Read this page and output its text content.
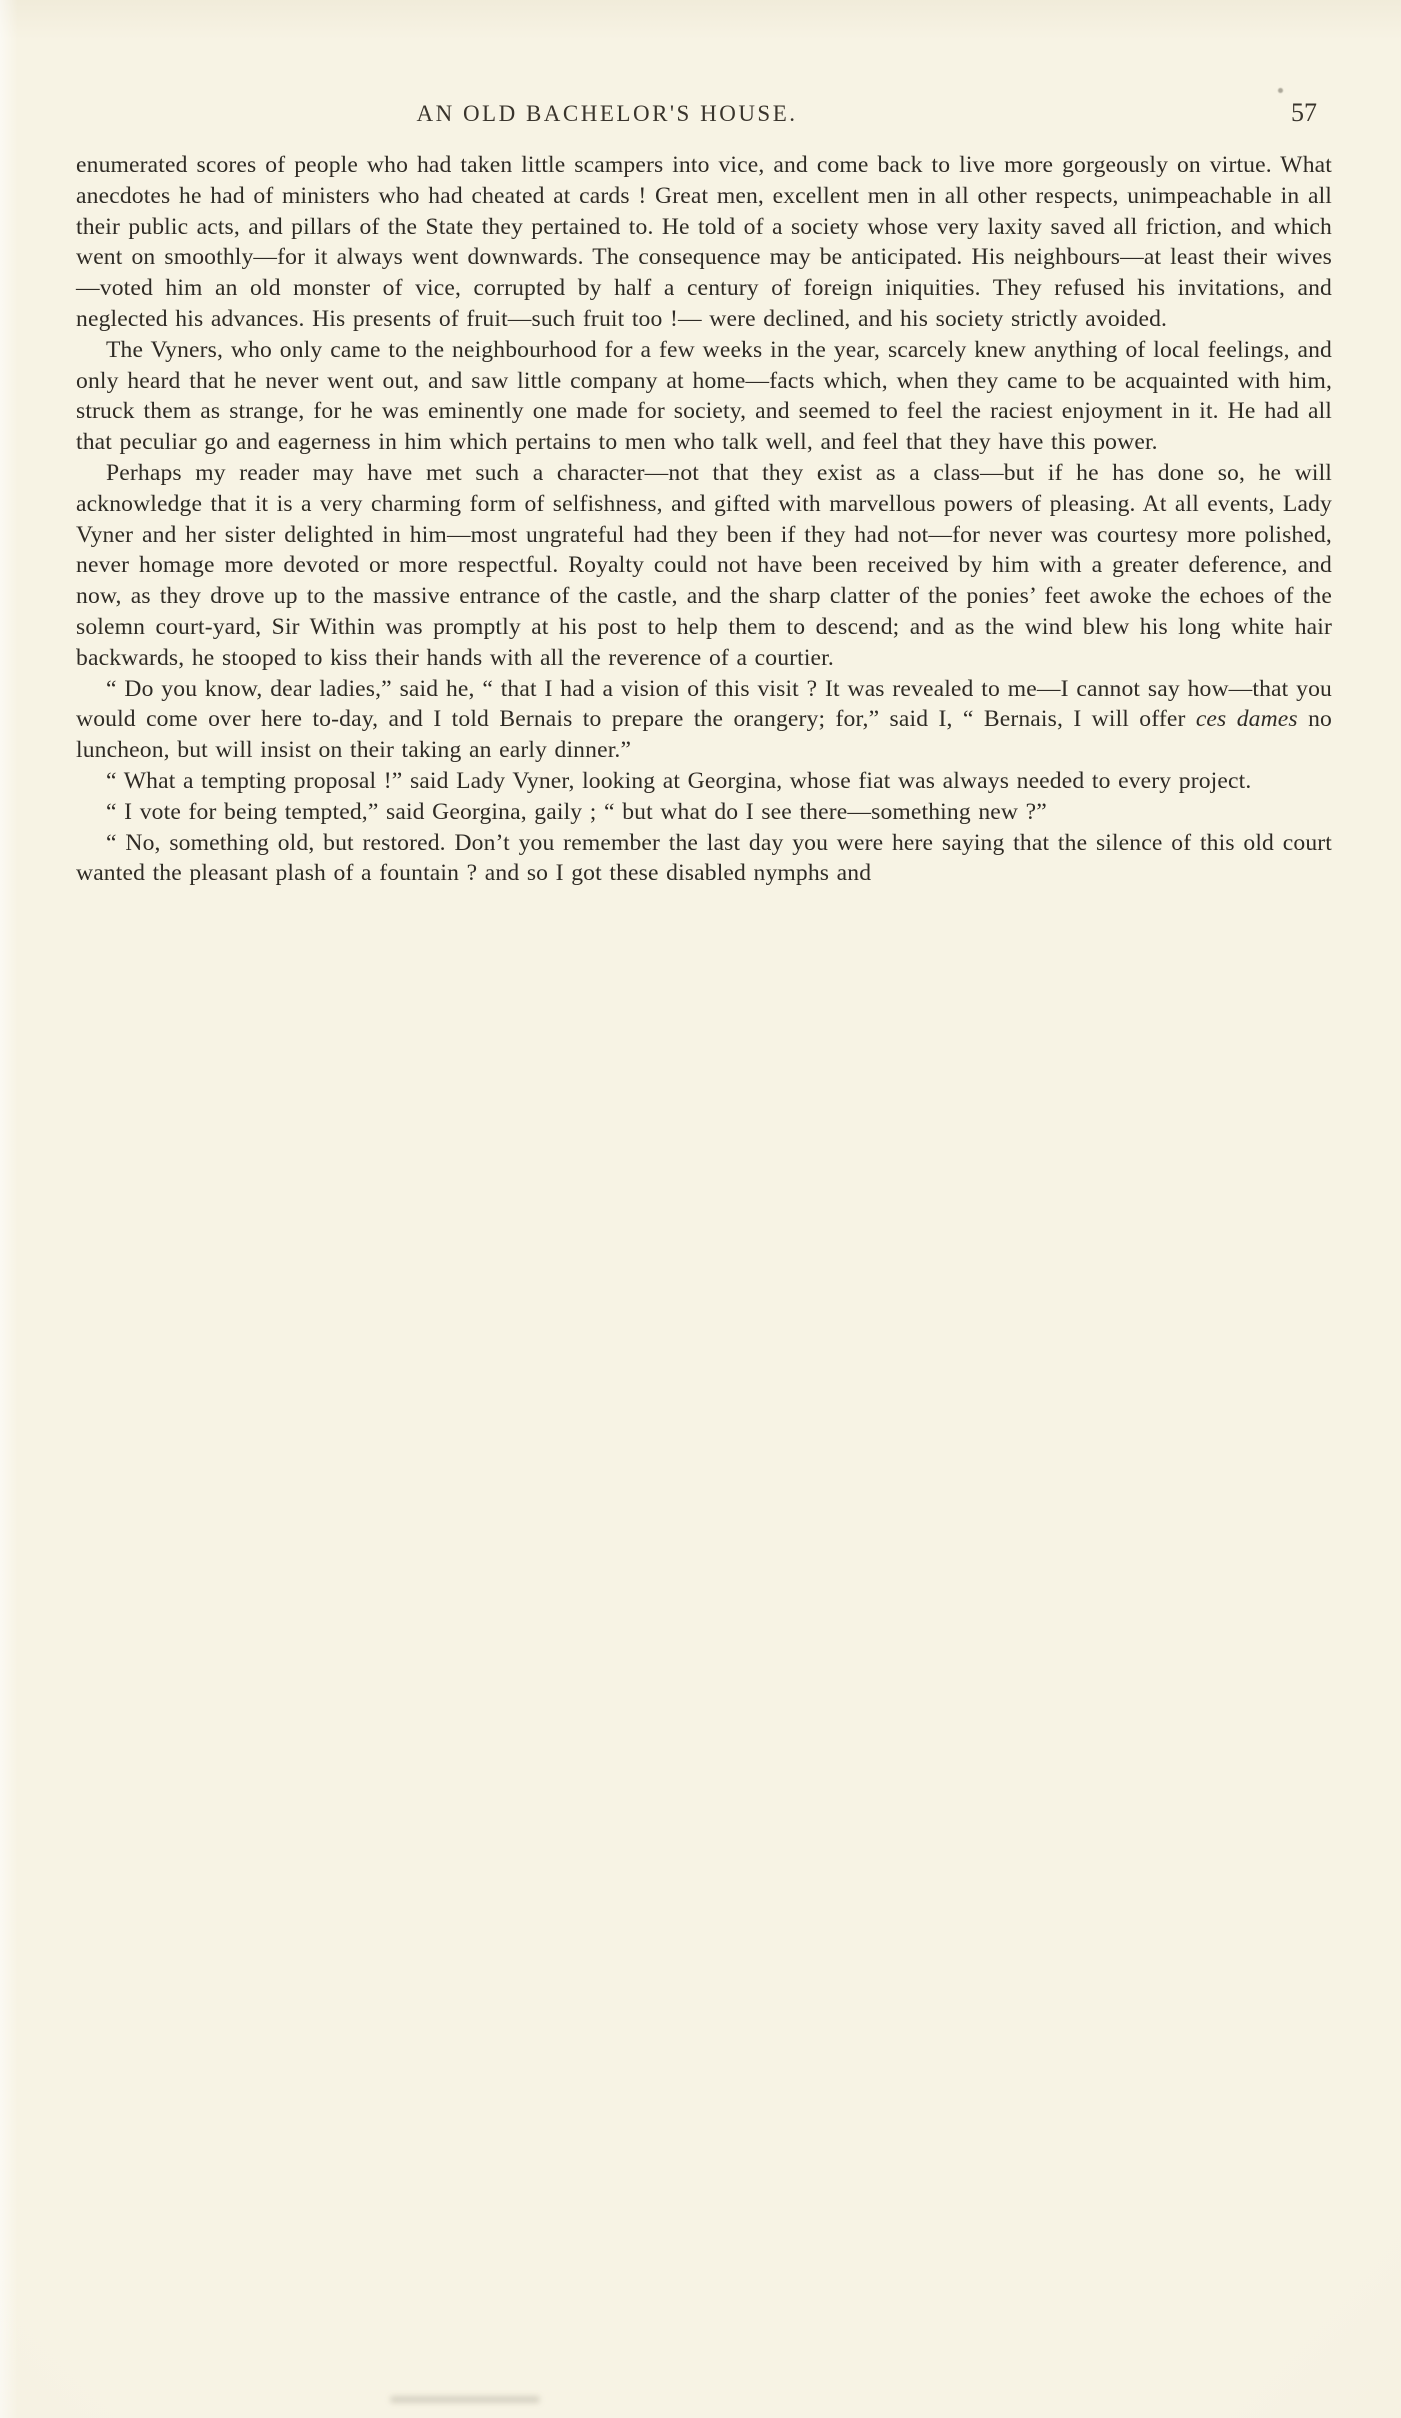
AN OLD BACHELOR'S HOUSE.	57

enumerated scores of people who had taken little scampers into vice, and come back to live more gorgeously on virtue. What anecdotes he had of ministers who had cheated at cards ! Great men, excellent men in all other respects, unimpeachable in all their public acts, and pillars of the State they pertained to. He told of a society whose very laxity saved all friction, and which went on smoothly—for it always went downwards. The consequence may be anticipated. His neighbours—at least their wives—voted him an old monster of vice, corrupted by half a century of foreign iniquities. They refused his invitations, and neglected his advances. His presents of fruit—such fruit too !— were declined, and his society strictly avoided.

The Vyners, who only came to the neighbourhood for a few weeks in the year, scarcely knew anything of local feelings, and only heard that he never went out, and saw little company at home—facts which, when they came to be acquainted with him, struck them as strange, for he was eminently one made for society, and seemed to feel the raciest enjoyment in it. He had all that peculiar go and eagerness in him which pertains to men who talk well, and feel that they have this power.

Perhaps my reader may have met such a character—not that they exist as a class—but if he has done so, he will acknowledge that it is a very charming form of selfishness, and gifted with marvellous powers of pleasing. At all events, Lady Vyner and her sister delighted in him—most ungrateful had they been if they had not—for never was courtesy more polished, never homage more devoted or more respectful. Royalty could not have been received by him with a greater deference, and now, as they drove up to the massive entrance of the castle, and the sharp clatter of the ponies’ feet awoke the echoes of the solemn court-yard, Sir Within was promptly at his post to help them to descend; and as the wind blew his long white hair backwards, he stooped to kiss their hands with all the reverence of a courtier.

“ Do you know, dear ladies,” said he, “ that I had a vision of this visit ? It was revealed to me—I cannot say how—that you would come over here to-day, and I told Bernais to prepare the orangery; for,” said I, “ Bernais, I will offer ces dames no luncheon, but will insist on their taking an early dinner.”

“ What a tempting proposal !” said Lady Vyner, looking at Georgina, whose fiat was always needed to every project.

“ I vote for being tempted,” said Georgina, gaily ; “ but what do I see there—something new ?”

“ No, something old, but restored. Don’t you remember the last day you were here saying that the silence of this old court wanted the pleasant plash of a fountain ? and so I got these disabled nymphs and
